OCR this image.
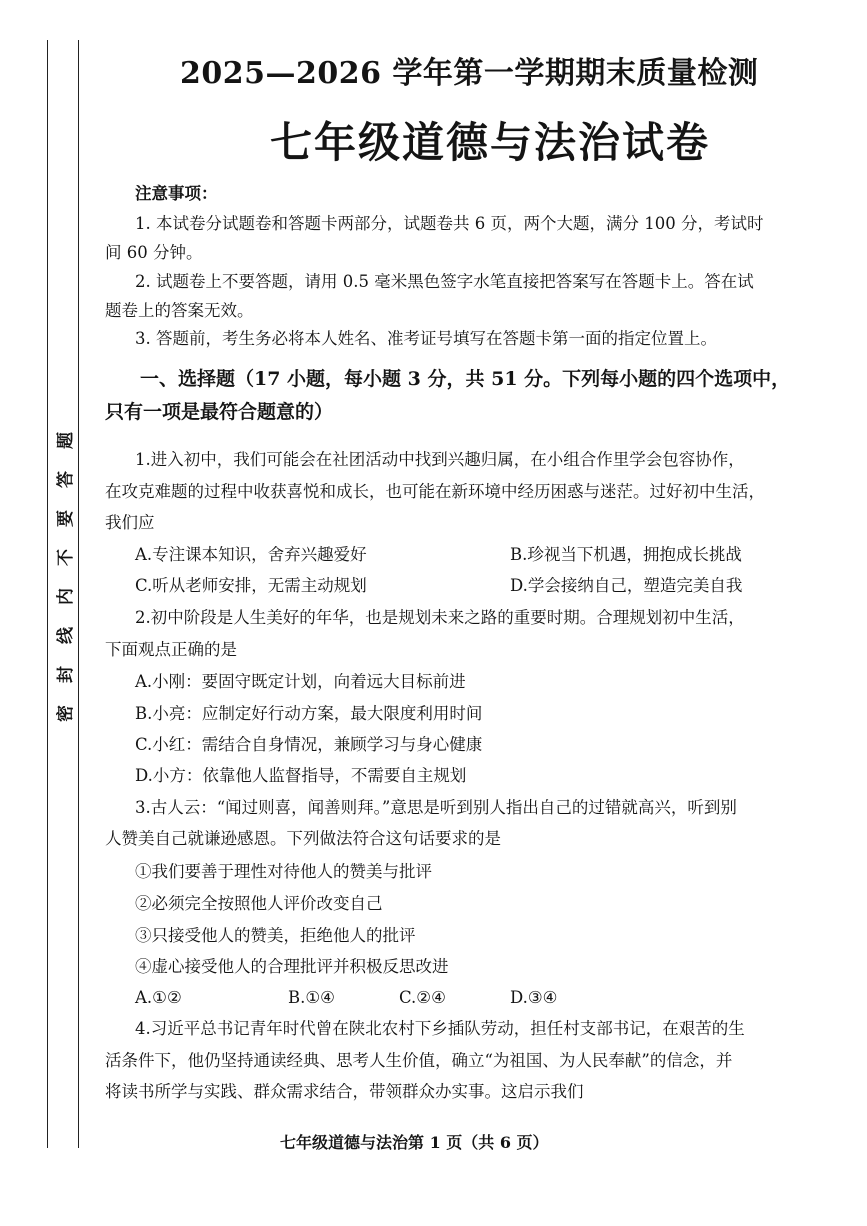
题
答
要
不
内
线
封
密
2025—2026 学年第一学期期末质量检测
七年级道德与法治试卷
注意事项：
1. 本试卷分试题卷和答题卡两部分，试题卷共 6 页，两个大题，满分 100 分，考试时
间 60 分钟。
2. 试题卷上不要答题，请用 0.5 毫米黑色签字水笔直接把答案写在答题卡上。答在试
题卷上的答案无效。
3. 答题前，考生务必将本人姓名、准考证号填写在答题卡第一面的指定位置上。
一、选择题（17 小题，每小题 3 分，共 51 分。下列每小题的四个选项中，
只有一项是最符合题意的）
1.进入初中，我们可能会在社团活动中找到兴趣归属，在小组合作里学会包容协作，
在攻克难题的过程中收获喜悦和成长，也可能在新环境中经历困惑与迷茫。过好初中生活，
我们应
A.专注课本知识，舍弃兴趣爱好	B.珍视当下机遇，拥抱成长挑战
C.听从老师安排，无需主动规划	D.学会接纳自己，塑造完美自我
2.初中阶段是人生美好的年华，也是规划未来之路的重要时期。合理规划初中生活，
下面观点正确的是
A.小刚：要固守既定计划，向着远大目标前进
B.小亮：应制定好行动方案，最大限度利用时间
C.小红：需结合自身情况，兼顾学习与身心健康
D.小方：依靠他人监督指导，不需要自主规划
3.古人云：“闻过则喜，闻善则拜。”意思是听到别人指出自己的过错就高兴，听到别
人赞美自己就谦逊感恩。下列做法符合这句话要求的是
①我们要善于理性对待他人的赞美与批评
②必须完全按照他人评价改变自己
③只接受他人的赞美，拒绝他人的批评
④虚心接受他人的合理批评并积极反思改进
A.①②	B.①④	C.②④	D.③④
4.习近平总书记青年时代曾在陕北农村下乡插队劳动，担任村支部书记，在艰苦的生
活条件下，他仍坚持通读经典、思考人生价值，确立“为祖国、为人民奉献”的信念，并
将读书所学与实践、群众需求结合，带领群众办实事。这启示我们
七年级道德与法治第 1 页（共 6 页）
